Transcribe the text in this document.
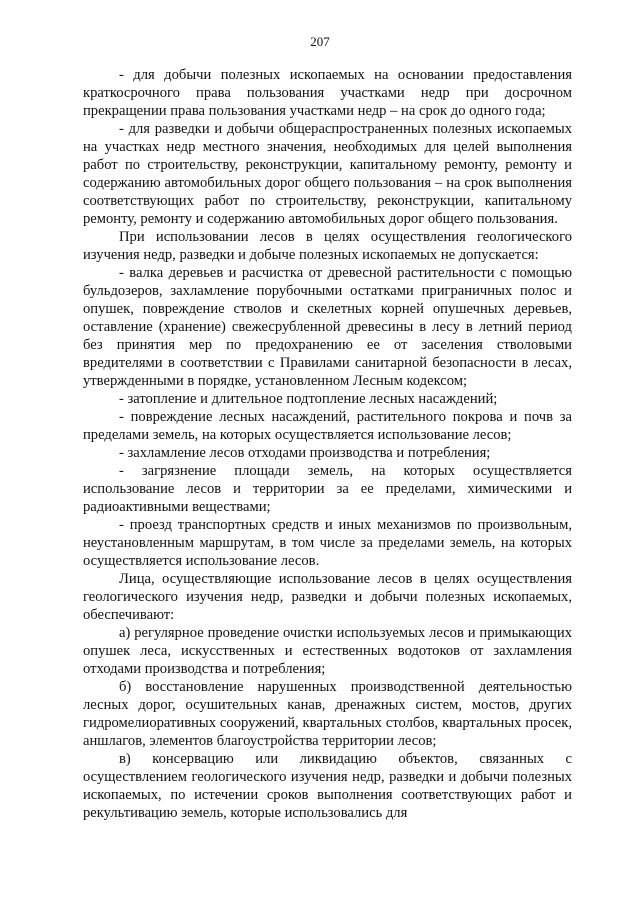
207

- для добычи полезных ископаемых на основании предоставления краткосрочного права пользования участками недр при досрочном прекращении права пользования участками недр – на срок до одного года;

- для разведки и добычи общераспространенных полезных ископаемых на участках недр местного значения, необходимых для целей выполнения работ по строительству, реконструкции, капитальному ремонту, ремонту и содержанию автомобильных дорог общего пользования – на срок выполнения соответствующих работ по строительству, реконструкции, капитальному ремонту, ремонту и содержанию автомобильных дорог общего пользования.

При использовании лесов в целях осуществления геологического изучения недр, разведки и добыче полезных ископаемых не допускается:

- валка деревьев и расчистка от древесной растительности с помощью бульдозеров, захламление порубочными остатками приграничных полос и опушек, повреждение стволов и скелетных корней опушечных деревьев, оставление (хранение) свежесрубленной древесины в лесу в летний период без принятия мер по предохранению ее от заселения стволовыми вредителями в соответствии с Правилами санитарной безопасности в лесах, утвержденными в порядке, установленном Лесным кодексом;

- затопление и длительное подтопление лесных насаждений;

- повреждение лесных насаждений, растительного покрова и почв за пределами земель, на которых осуществляется использование лесов;

- захламление лесов отходами производства и потребления;

- загрязнение площади земель, на которых осуществляется использование лесов и территории за ее пределами, химическими и радиоактивными веществами;

- проезд транспортных средств и иных механизмов по произвольным, неустановленным маршрутам, в том числе за пределами земель, на которых осуществляется использование лесов.

Лица, осуществляющие использование лесов в целях осуществления геологического изучения недр, разведки и добычи полезных ископаемых, обеспечивают:

а) регулярное проведение очистки используемых лесов и примыкающих опушек леса, искусственных и естественных водотоков от захламления отходами производства и потребления;

б) восстановление нарушенных производственной деятельностью лесных дорог, осушительных канав, дренажных систем, мостов, других гидромелиоративных сооружений, квартальных столбов, квартальных просек, аншлагов, элементов благоустройства территории лесов;

в) консервацию или ликвидацию объектов, связанных с осуществлением геологического изучения недр, разведки и добычи полезных ископаемых, по истечении сроков выполнения соответствующих работ и рекультивацию земель, которые использовались для
